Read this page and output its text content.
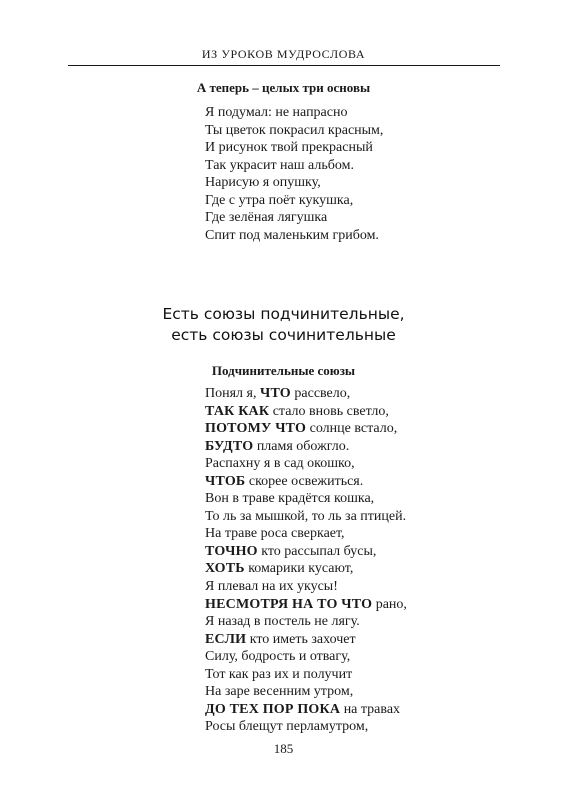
ИЗ УРОКОВ МУДРОСЛОВА
А теперь – целых три основы
Я подумал: не напрасно
Ты цветок покрасил красным,
И рисунок твой прекрасный
Так украсит наш альбом.
Нарисую я опушку,
Где с утра поёт кукушка,
Где зелёная лягушка
Спит под маленьким грибом.
Есть союзы подчинительные,
есть союзы сочинительные
Подчинительные союзы
Понял я, ЧТО рассвело,
ТАК КАК стало вновь светло,
ПОТОМУ ЧТО солнце встало,
БУДТО пламя обожгло.
Распахну я в сад окошко,
ЧТОБ скорее освежиться.
Вон в траве крадётся кошка,
То ль за мышкой, то ль за птицей.
На траве роса сверкает,
ТОЧНО кто рассыпал бусы,
ХОТЬ комарики кусают,
Я плевал на их укусы!
НЕСМОТРЯ НА ТО ЧТО рано,
Я назад в постель не лягу.
ЕСЛИ кто иметь захочет
Силу, бодрость и отвагу,
Тот как раз их и получит
На заре весенним утром,
ДО ТЕХ ПОР ПОКА на травах
Росы блещут перламутром,
185
